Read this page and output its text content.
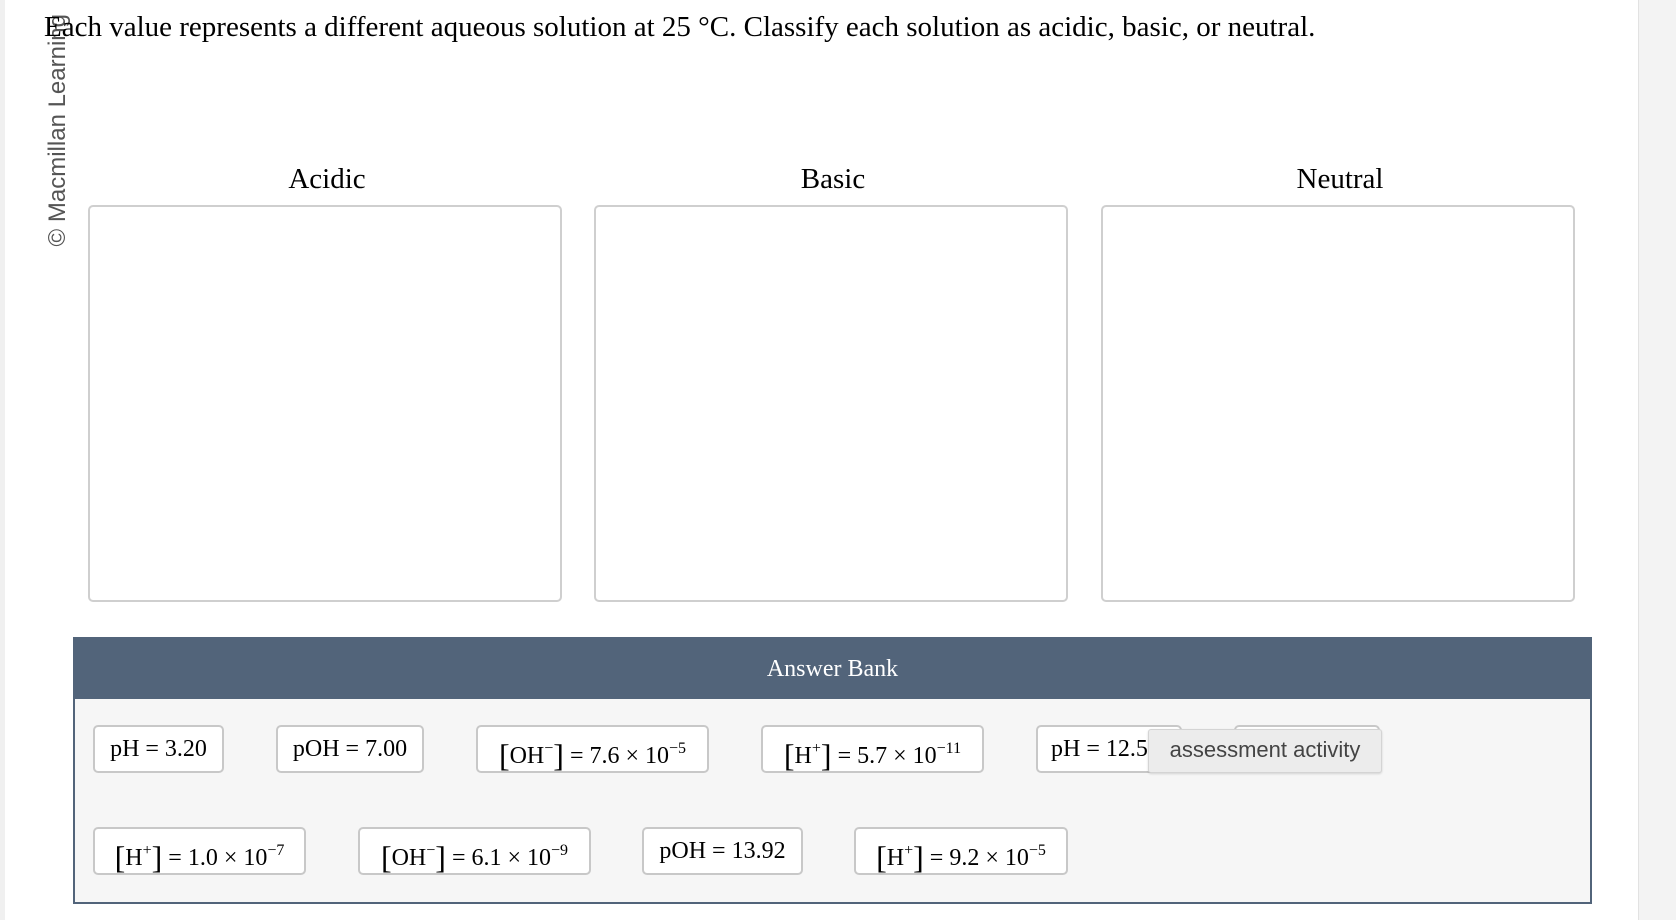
© Macmillan Learning
Each value represents a different aqueous solution at 25 °C. Classify each solution as acidic, basic, or neutral.
Acidic	Basic	Neutral
Answer Bank
pH = 3.20	pOH = 7.00	$[OH^-] = 7.6 \times 10^{-5}$	$[H^+] = 5.7 \times 10^{-11}$	pH = 12.5
$[H^+] = 1.0 \times 10^{-7}$	$[OH^-] = 6.1 \times 10^{-9}$	pOH = 13.92	$[H^+] = 9.2 \times 10^{-5}$
assessment activity
